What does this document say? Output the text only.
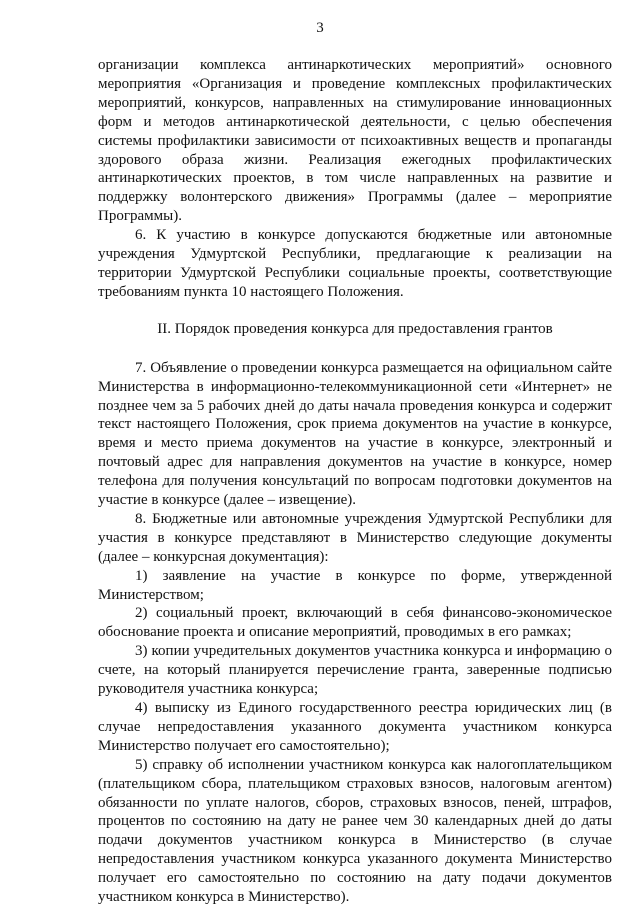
3

организации комплекса антинаркотических мероприятий» основного мероприятия «Организация и проведение комплексных профилактических мероприятий, конкурсов, направленных на стимулирование инновационных форм и методов антинаркотической деятельности, с целью обеспечения системы профилактики зависимости от психоактивных веществ и пропаганды здорового образа жизни. Реализация ежегодных профилактических антинаркотических проектов, в том числе направленных на развитие и поддержку волонтерского движения» Программы (далее – мероприятие Программы).

6. К участию в конкурсе допускаются бюджетные или автономные учреждения Удмуртской Республики, предлагающие к реализации на территории Удмуртской Республики социальные проекты, соответствующие требованиям пункта 10 настоящего Положения.

II. Порядок проведения конкурса для предоставления грантов

7. Объявление о проведении конкурса размещается на официальном сайте Министерства в информационно-телекоммуникационной сети «Интернет» не позднее чем за 5 рабочих дней до даты начала проведения конкурса и содержит текст настоящего Положения, срок приема документов на участие в конкурсе, время и место приема документов на участие в конкурсе, электронный и почтовый адрес для направления документов на участие в конкурсе, номер телефона для получения консультаций по вопросам подготовки документов на участие в конкурсе (далее – извещение).

8. Бюджетные или автономные учреждения Удмуртской Республики для участия в конкурсе представляют в Министерство следующие документы (далее – конкурсная документация):

1) заявление на участие в конкурсе по форме, утвержденной Министерством;

2) социальный проект, включающий в себя финансово-экономическое обоснование проекта и описание мероприятий, проводимых в его рамках;

3) копии учредительных документов участника конкурса и информацию о счете, на который планируется перечисление гранта, заверенные подписью руководителя участника конкурса;

4) выписку из Единого государственного реестра юридических лиц (в случае непредоставления указанного документа участником конкурса Министерство получает его самостоятельно);

5) справку об исполнении участником конкурса как налогоплательщиком (плательщиком сбора, плательщиком страховых взносов, налоговым агентом) обязанности по уплате налогов, сборов, страховых взносов, пеней, штрафов, процентов по состоянию на дату не ранее чем 30 календарных дней до даты подачи документов участником конкурса в Министерство (в случае непредоставления участником конкурса указанного документа Министерство получает его самостоятельно по состоянию на дату подачи документов участником конкурса в Министерство).
